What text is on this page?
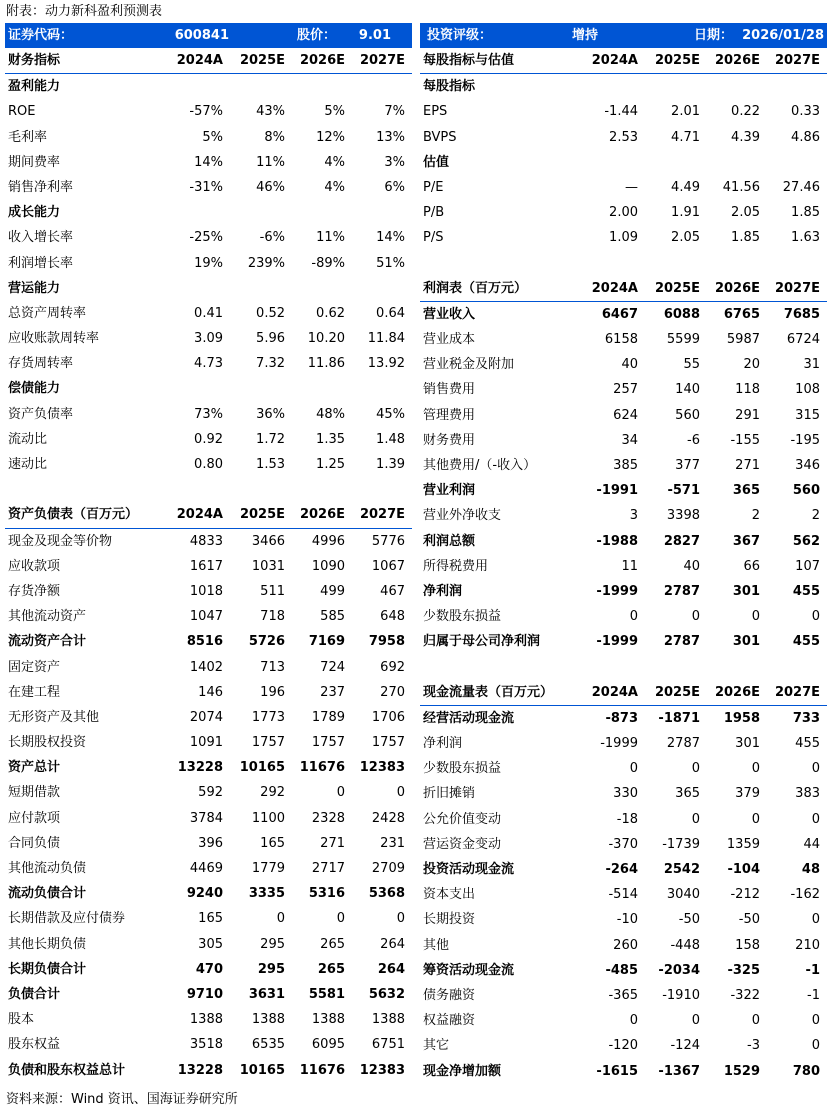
附表：动力新科盈利预测表
证券代码：	600841	股价：	9.01	投资评级：	增持	日期： 2026/01/28
财务指标	2024A	2025E	2026E	2027E
盈利能力
ROE	-57%	43%	5%	7%
毛利率	5%	8%	12%	13%
期间费率	14%	11%	4%	3%
销售净利率	-31%	46%	4%	6%
成长能力
收入增长率	-25%	-6%	11%	14%
利润增长率	19%	239%	-89%	51%
营运能力
总资产周转率	0.41	0.52	0.62	0.64
应收账款周转率	3.09	5.96	10.20	11.84
存货周转率	4.73	7.32	11.86	13.92
偿债能力
资产负债率	73%	36%	48%	45%
流动比	0.92	1.72	1.35	1.48
速动比	0.80	1.53	1.25	1.39
资产负债表（百万元）	2024A	2025E	2026E	2027E
现金及现金等价物	4833	3466	4996	5776
应收款项	1617	1031	1090	1067
存货净额	1018	511	499	467
其他流动资产	1047	718	585	648
流动资产合计	8516	5726	7169	7958
固定资产	1402	713	724	692
在建工程	146	196	237	270
无形资产及其他	2074	1773	1789	1706
长期股权投资	1091	1757	1757	1757
资产总计	13228	10165	11676	12383
短期借款	592	292	0	0
应付款项	3784	1100	2328	2428
合同负债	396	165	271	231
其他流动负债	4469	1779	2717	2709
流动负债合计	9240	3335	5316	5368
长期借款及应付债券	165	0	0	0
其他长期负债	305	295	265	264
长期负债合计	470	295	265	264
负债合计	9710	3631	5581	5632
股本	1388	1388	1388	1388
股东权益	3518	6535	6095	6751
负债和股东权益总计	13228	10165	11676	12383
每股指标与估值	2024A	2025E	2026E	2027E
每股指标
EPS	-1.44	2.01	0.22	0.33
BVPS	2.53	4.71	4.39	4.86
估值
P/E	—	4.49	41.56	27.46
P/B	2.00	1.91	2.05	1.85
P/S	1.09	2.05	1.85	1.63
利润表（百万元）	2024A	2025E	2026E	2027E
营业收入	6467	6088	6765	7685
营业成本	6158	5599	5987	6724
营业税金及附加	40	55	20	31
销售费用	257	140	118	108
管理费用	624	560	291	315
财务费用	34	-6	-155	-195
其他费用/（-收入）	385	377	271	346
营业利润	-1991	-571	365	560
营业外净收支	3	3398	2	2
利润总额	-1988	2827	367	562
所得税费用	11	40	66	107
净利润	-1999	2787	301	455
少数股东损益	0	0	0	0
归属于母公司净利润	-1999	2787	301	455
现金流量表（百万元）	2024A	2025E	2026E	2027E
经营活动现金流	-873	-1871	1958	733
净利润	-1999	2787	301	455
少数股东损益	0	0	0	0
折旧摊销	330	365	379	383
公允价值变动	-18	0	0	0
营运资金变动	-370	-1739	1359	44
投资活动现金流	-264	2542	-104	48
资本支出	-514	3040	-212	-162
长期投资	-10	-50	-50	0
其他	260	-448	158	210
筹资活动现金流	-485	-2034	-325	-1
债务融资	-365	-1910	-322	-1
权益融资	0	0	0	0
其它	-120	-124	-3	0
现金净增加额	-1615	-1367	1529	780
资料来源：Wind 资讯、国海证券研究所
